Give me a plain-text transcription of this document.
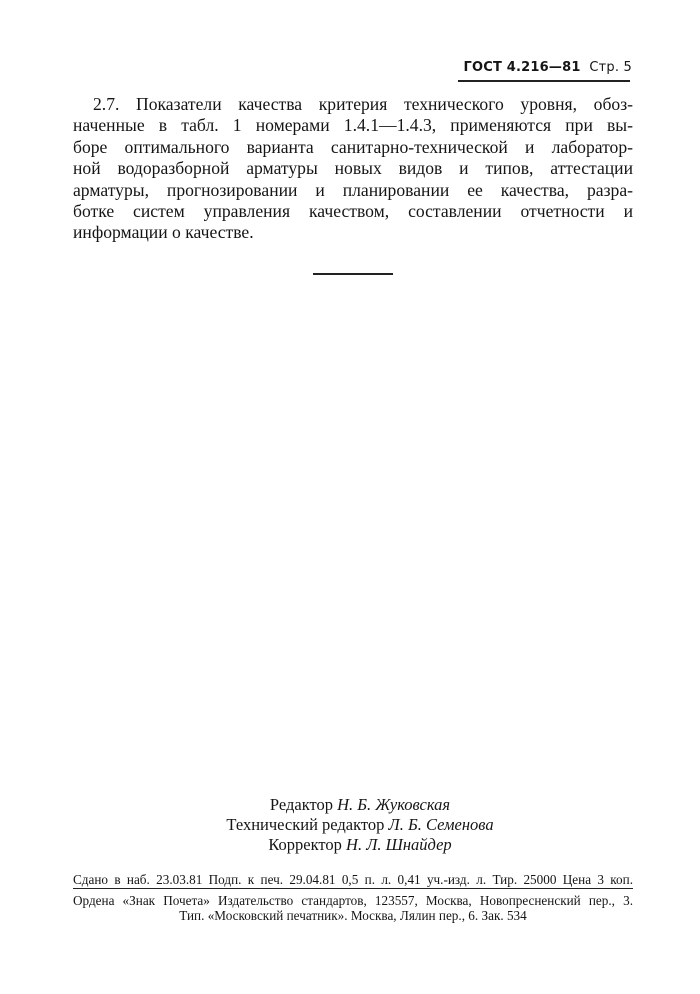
ГОСТ 4.216—81 Стр. 5

2.7. Показатели качества критерия технического уровня, обоз-
наченные в табл. 1 номерами 1.4.1—1.4.3, применяются при вы-
боре оптимального варианта санитарно-технической и лаборатор-
ной водоразборной арматуры новых видов и типов, аттестации
арматуры, прогнозировании и планировании ее качества, разра-
ботке систем управления качеством, составлении отчетности и
информации о качестве.

Редактор Н. Б. Жуковская
Технический редактор Л. Б. Семенова
Корректор Н. Л. Шнайдер
Сдано в наб. 23.03.81 Подп. к печ. 29.04.81 0,5 п. л. 0,41 уч.-изд. л. Тир. 25000 Цена 3 коп.
Ордена «Знак Почета» Издательство стандартов, 123557, Москва, Новопресненский пер., 3.
Тип. «Московский печатник». Москва, Лялин пер., 6. Зак. 534
